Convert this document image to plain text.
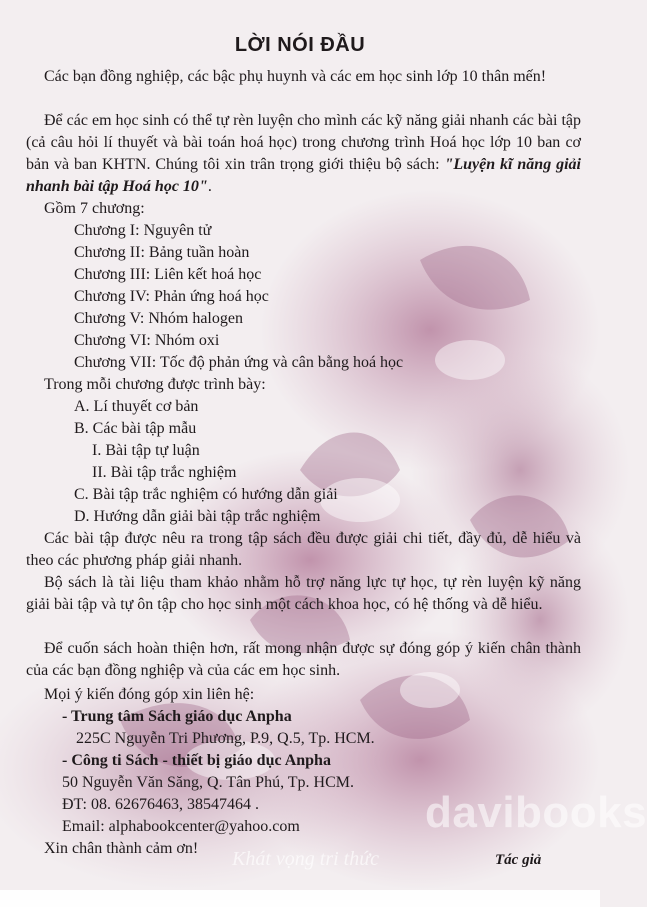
LỜI NÓI ĐẦU
Các bạn đồng nghiệp, các bậc phụ huynh và các em học sinh lớp 10 thân mến!
Để các em học sinh có thể tự rèn luyện cho mình các kỹ năng giải nhanh các bài tập (cả câu hỏi lí thuyết và bài toán hoá học) trong chương trình Hoá học lớp 10 ban cơ bản và ban KHTN. Chúng tôi xin trân trọng giới thiệu bộ sách: "Luyện kĩ năng giải nhanh bài tập Hoá học 10".
Gồm 7 chương:
Chương I: Nguyên tử
Chương II: Bảng tuần hoàn
Chương III: Liên kết hoá học
Chương IV: Phản ứng hoá học
Chương V: Nhóm halogen
Chương VI: Nhóm oxi
Chương VII: Tốc độ phản ứng và cân bằng hoá học
Trong mỗi chương được trình bày:
A. Lí thuyết cơ bản
B. Các bài tập mẫu
I. Bài tập tự luận
II. Bài tập trắc nghiệm
C. Bài tập trắc nghiệm có hướng dẫn giải
D. Hướng dẫn giải bài tập trắc nghiệm
Các bài tập được nêu ra trong tập sách đều được giải chi tiết, đầy đủ, dễ hiểu và theo các phương pháp giải nhanh.
Bộ sách là tài liệu tham khảo nhằm hỗ trợ năng lực tự học, tự rèn luyện kỹ năng giải bài tập và tự ôn tập cho học sinh một cách khoa học, có hệ thống và dễ hiểu.
Để cuốn sách hoàn thiện hơn, rất mong nhận được sự đóng góp ý kiến chân thành của các bạn đồng nghiệp và của các em học sinh.
Mọi ý kiến đóng góp xin liên hệ:
- Trung tâm Sách giáo dục Anpha
225C Nguyễn Tri Phương, P.9, Q.5, Tp. HCM.
- Công ti Sách - thiết bị giáo dục Anpha
50 Nguyễn Văn Săng, Q. Tân Phú, Tp. HCM.
ĐT: 08. 62676463, 38547464 .
Email: alphabookcenter@yahoo.com
Xin chân thành cảm ơn!
davibooks
Khát vọng tri thức	Tác giả
